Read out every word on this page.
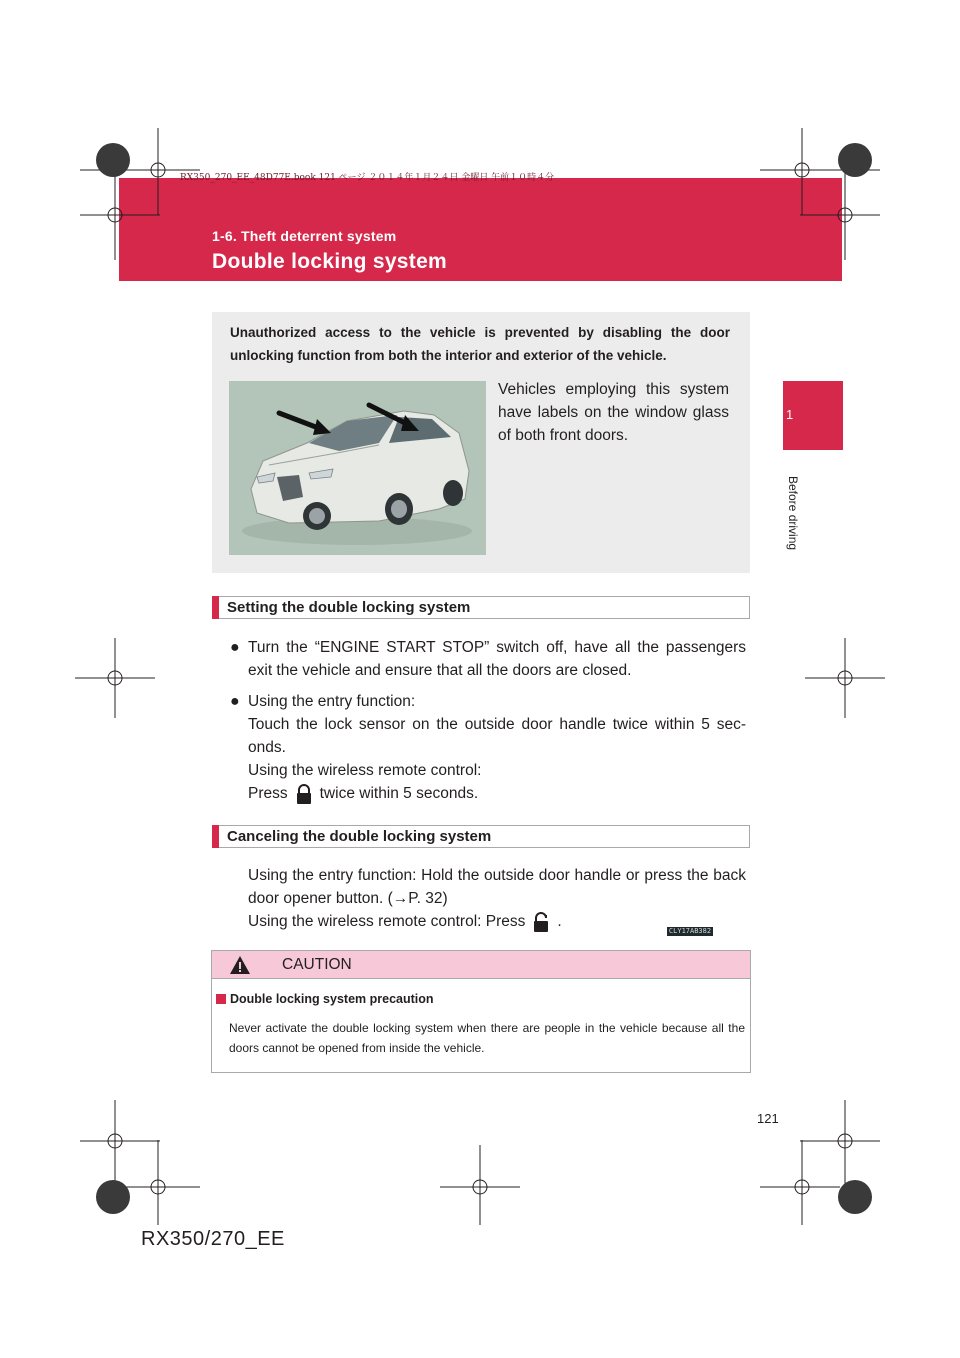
RX350_270_EE_48D77E.book 121 ページ ２０１４年１月２４日 金曜日 午前１０時４分
1-6. Theft deterrent system
Double locking system
1
Before driving
Unauthorized access to the vehicle is prevented by disabling the door unlocking function from both the interior and exterior of the vehicle.
CLY17AB382
Vehicles employing this system have labels on the window glass of both front doors.
Setting the double locking system
● Turn the “ENGINE START STOP” switch off, have all the passengers exit the vehicle and ensure that all the doors are closed.
● Using the entry function:
Touch the lock sensor on the outside door handle twice within 5 sec-onds.
Using the wireless remote control:
Press twice within 5 seconds.
Canceling the double locking system
Using the entry function: Hold the outside door handle or press the back door opener button. (→P. 32)
Using the wireless remote control: Press .
CAUTION
Double locking system precaution
Never activate the double locking system when there are people in the vehicle because all the doors cannot be opened from inside the vehicle.
121
RX350/270_EE
